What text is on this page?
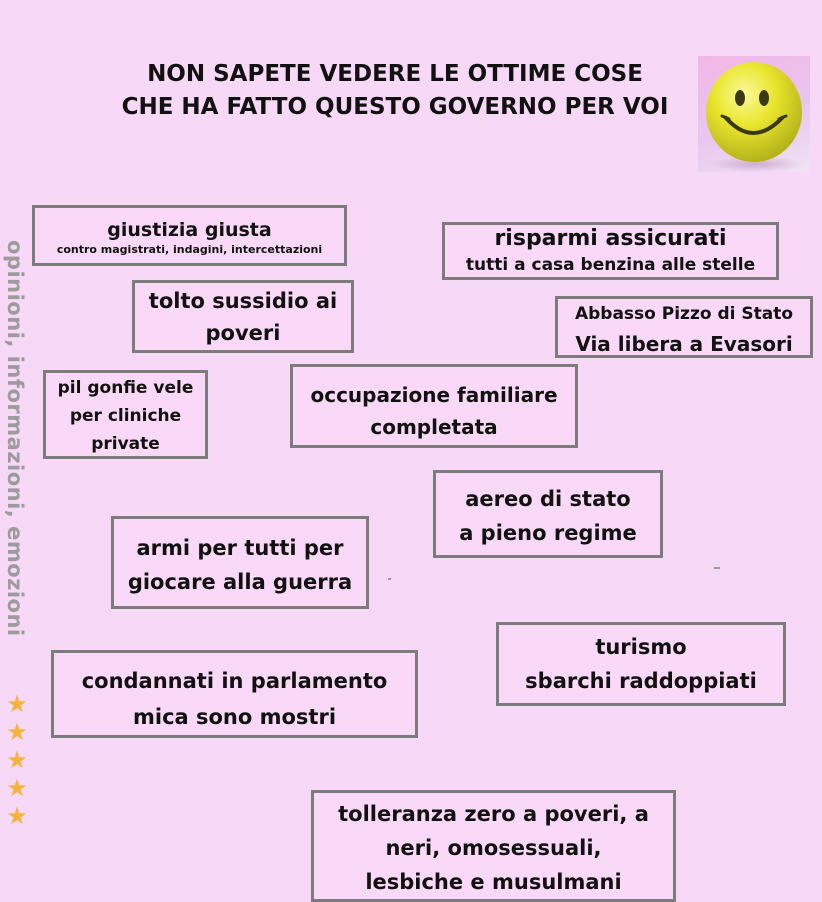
NON SAPETE VEDERE LE OTTIME COSE
CHE HA FATTO QUESTO GOVERNO PER VOI
opinioni, informazioni, emozioni
★
★
★
★
★
giustizia giusta
contro magistrati, indagini, intercettazioni	risparmi assicurati
tutti a casa benzina alle stelle
tolto sussidio ai
poveri
Abbasso Pizzo di Stato
Via libera a Evasori
pil gonfie vele
per cliniche
private
occupazione familiare
completata
aereo di stato
a pieno regime
armi per tutti per
giocare alla guerra
turismo
sbarchi raddoppiati
condannati in parlamento
mica sono mostri
tolleranza zero a poveri, a
neri, omosessuali,
lesbiche e musulmani
